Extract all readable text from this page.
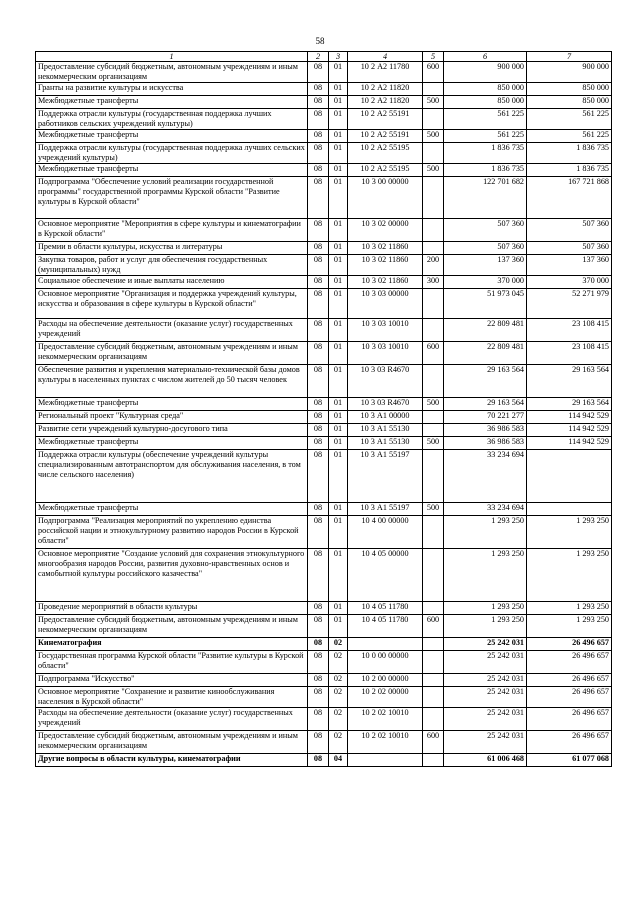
58
1	2	3	4	5	6	7
Предоставление субсидий бюджетным, автономным учреждениям и иным некоммерческим организациям	08	01	10 2 А2 11780	600	900 000	900 000
Гранты на развитие культуры и искусства	08	01	10 2 А2 11820		850 000	850 000
Межбюджетные трансферты	08	01	10 2 А2 11820	500	850 000	850 000
Поддержка отрасли культуры (государственная поддержка лучших работников сельских учреждений культуры)	08	01	10 2 А2 55191		561 225	561 225
Межбюджетные трансферты	08	01	10 2 А2 55191	500	561 225	561 225
Поддержка отрасли культуры (государственная поддержка лучших сельских учреждений культуры)	08	01	10 2 А2 55195		1 836 735	1 836 735
Межбюджетные трансферты	08	01	10 2 А2 55195	500	1 836 735	1 836 735
Подпрограмма "Обеспечение условий реализации государственной программы" государственной программы Курской области "Развитие культуры в Курской области"	08	01	10 3 00 00000		122 701 682	167 721 868
Основное мероприятие "Мероприятия в сфере культуры и кинематографии в Курской области"	08	01	10 3 02 00000		507 360	507 360
Премии в области культуры, искусства и литературы	08	01	10 3 02 11860		507 360	507 360
Закупка товаров, работ и услуг для обеспечения государственных (муниципальных) нужд	08	01	10 3 02 11860	200	137 360	137 360
Социальное обеспечение и иные выплаты населению	08	01	10 3 02 11860	300	370 000	370 000
Основное мероприятие "Организация и поддержка учреждений культуры, искусства и образования в сфере культуры в Курской области"	08	01	10 3 03 00000		51 973 045	52 271 979
Расходы на обеспечение деятельности (оказание услуг) государственных учреждений	08	01	10 3 03 10010		22 809 481	23 108 415
Предоставление субсидий бюджетным, автономным учреждениям и иным некоммерческим организациям	08	01	10 3 03 10010	600	22 809 481	23 108 415
Обеспечение развития и укрепления материально-технической базы домов культуры в населенных пунктах с числом жителей до 50 тысяч человек	08	01	10 3 03 R4670		29 163 564	29 163 564
Межбюджетные трансферты	08	01	10 3 03 R4670	500	29 163 564	29 163 564
Региональный проект "Культурная среда"	08	01	10 3 А1 00000		70 221 277	114 942 529
Развитие сети учреждений культурно-досугового типа	08	01	10 3 А1 55130		36 986 583	114 942 529
Межбюджетные трансферты	08	01	10 3 А1 55130	500	36 986 583	114 942 529
Поддержка отрасли культуры (обеспечение учреждений культуры специализированным автотранспортом для обслуживания населения, в том числе сельского населения)	08	01	10 3 А1 55197		33 234 694	
Межбюджетные трансферты	08	01	10 3 А1 55197	500	33 234 694	
Подпрограмма "Реализация мероприятий по укреплению единства российской нации и этнокультурному развитию народов России в Курской области"	08	01	10 4 00 00000		1 293 250	1 293 250
Основное мероприятие "Создание условий для сохранения этнокультурного многообразия народов России, развития духовно-нравственных основ и самобытной культуры российского казачества"	08	01	10 4 05 00000		1 293 250	1 293 250
Проведение мероприятий в области культуры	08	01	10 4 05 11780		1 293 250	1 293 250
Предоставление субсидий бюджетным, автономным учреждениям и иным некоммерческим организациям	08	01	10 4 05 11780	600	1 293 250	1 293 250
Кинематография	08	02			25 242 031	26 496 657
Государственная программа Курской области "Развитие культуры в Курской области"	08	02	10 0 00 00000		25 242 031	26 496 657
Подпрограмма "Искусство"	08	02	10 2 00 00000		25 242 031	26 496 657
Основное мероприятие "Сохранение и развитие кинообслуживания населения в Курской области"	08	02	10 2 02 00000		25 242 031	26 496 657
Расходы на обеспечение деятельности (оказание услуг) государственных учреждений	08	02	10 2 02 10010		25 242 031	26 496 657
Предоставление субсидий бюджетным, автономным учреждениям и иным некоммерческим организациям	08	02	10 2 02 10010	600	25 242 031	26 496 657
Другие вопросы в области культуры, кинематографии	08	04			61 006 468	61 077 068
